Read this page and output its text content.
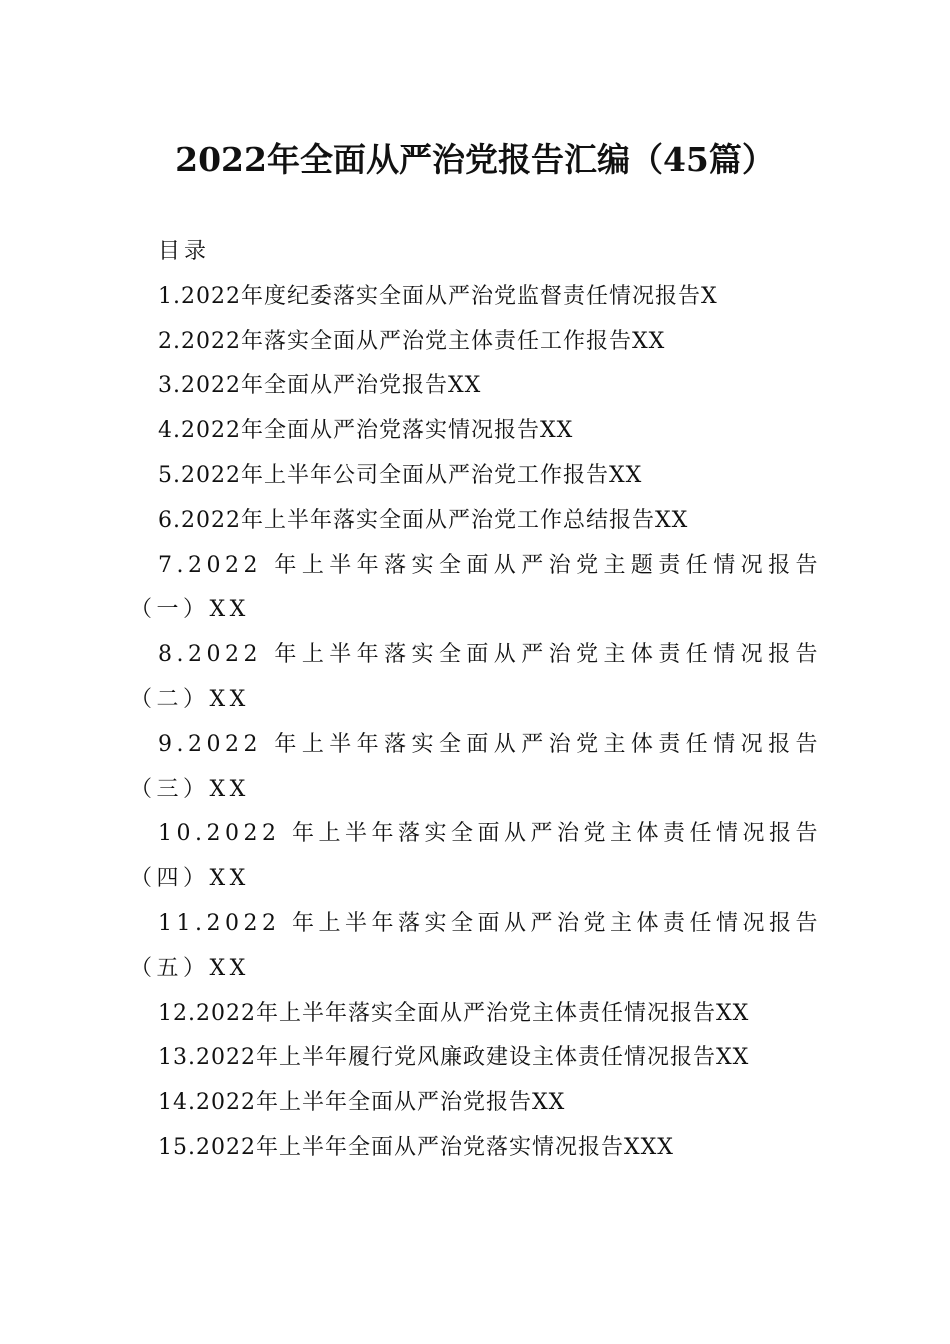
2022年全面从严治党报告汇编（45篇）
目录
1.2022年度纪委落实全面从严治党监督责任情况报告X
2.2022年落实全面从严治党主体责任工作报告XX
3.2022年全面从严治党报告XX
4.2022年全面从严治党落实情况报告XX
5.2022年上半年公司全面从严治党工作报告XX
6.2022年上半年落实全面从严治党工作总结报告XX
7.2022 年上半年落实全面从严治党主题责任情况报告（一）XX
8.2022 年上半年落实全面从严治党主体责任情况报告（二）XX
9.2022 年上半年落实全面从严治党主体责任情况报告（三）XX
10.2022 年上半年落实全面从严治党主体责任情况报告（四）XX
11.2022 年上半年落实全面从严治党主体责任情况报告（五）XX
12.2022年上半年落实全面从严治党主体责任情况报告XX
13.2022年上半年履行党风廉政建设主体责任情况报告XX
14.2022年上半年全面从严治党报告XX
15.2022年上半年全面从严治党落实情况报告XXX
